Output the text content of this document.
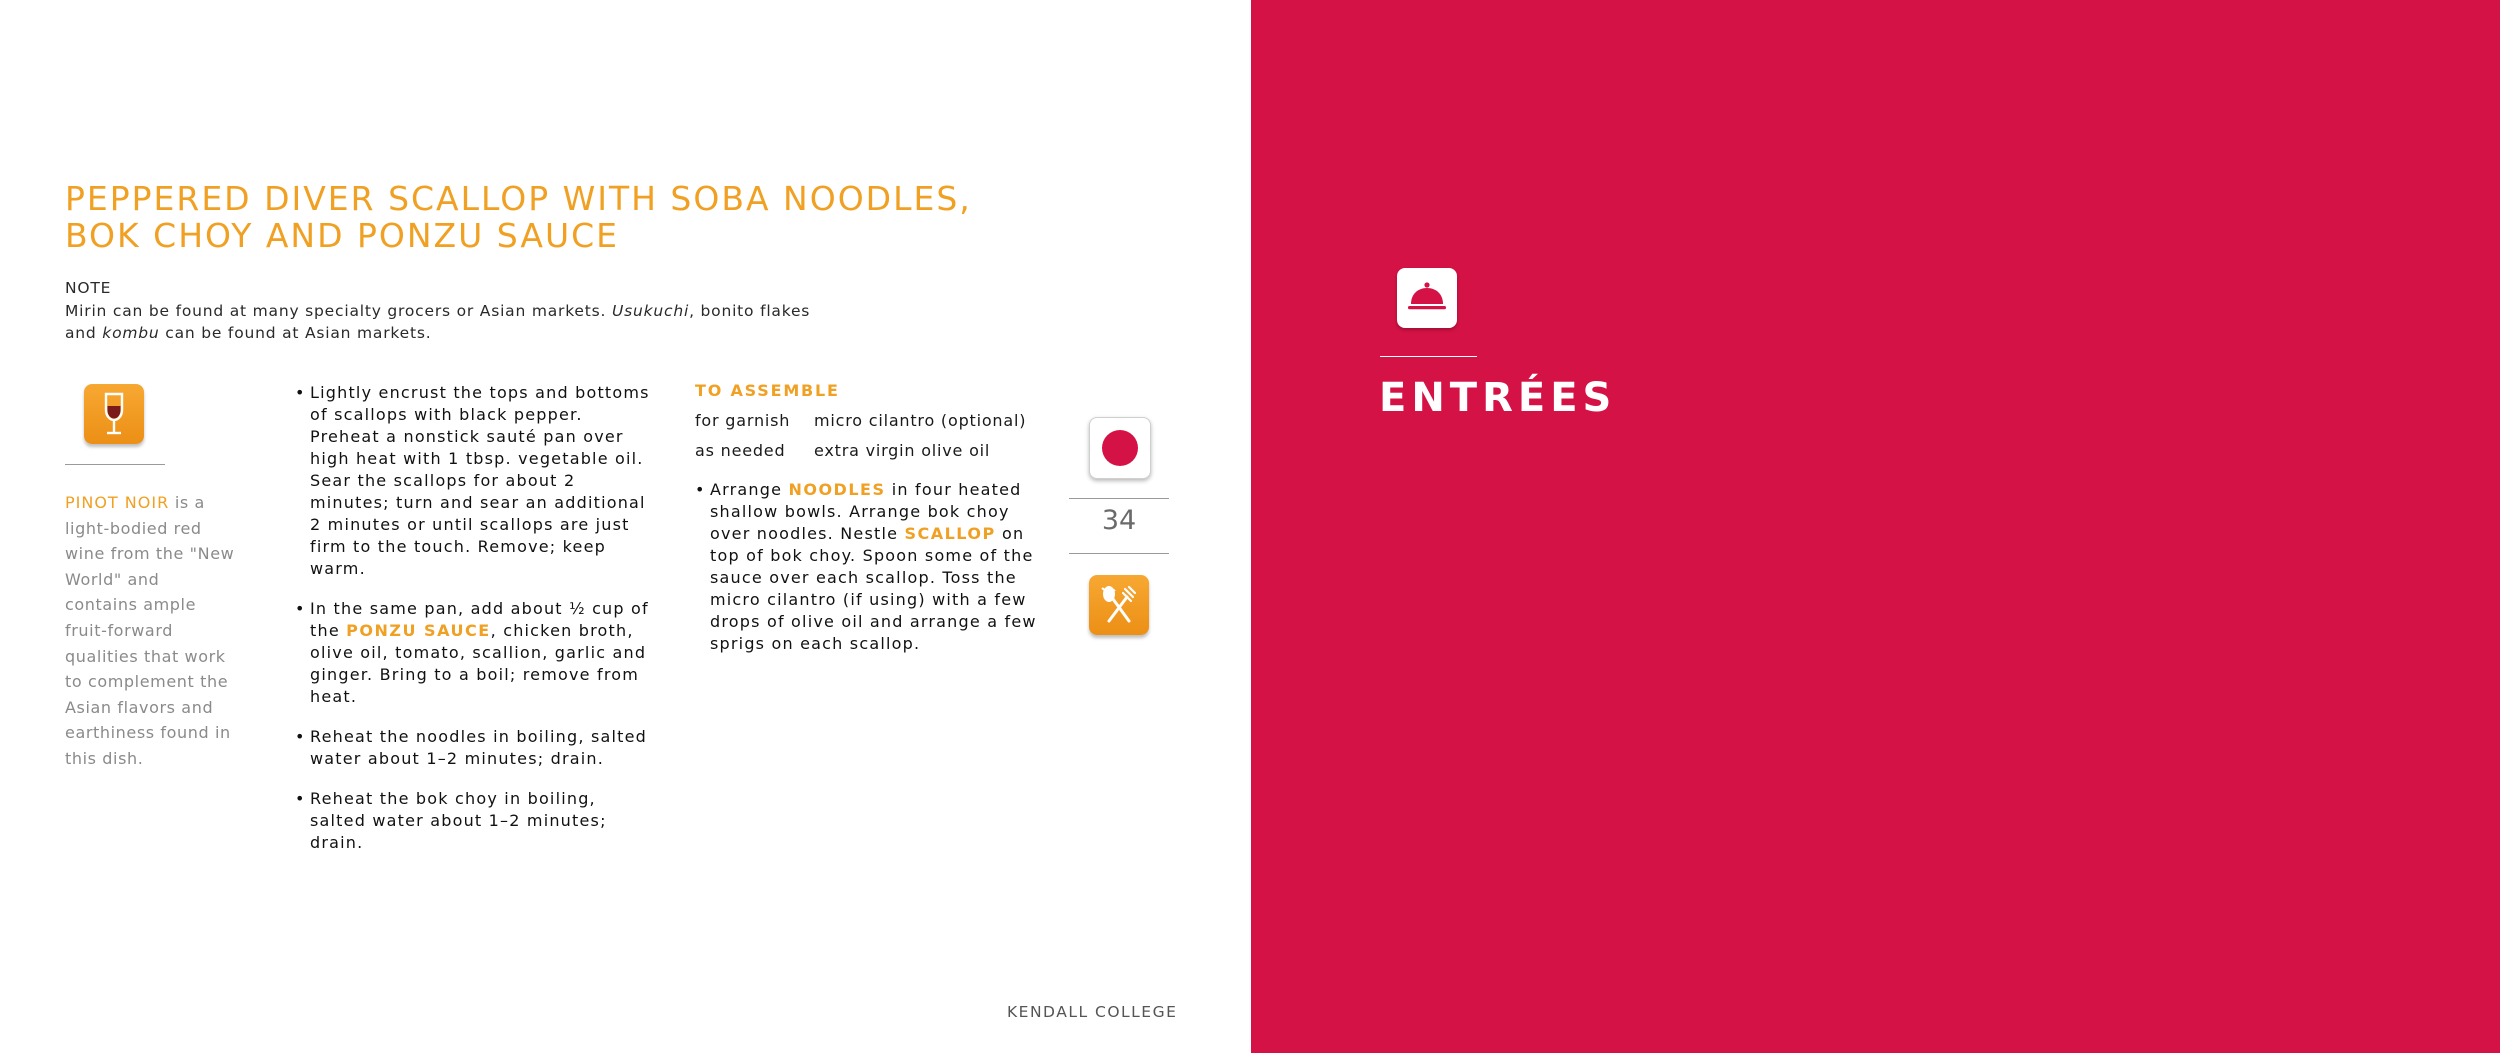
PEPPERED DIVER SCALLOP WITH SOBA NOODLES,
BOK CHOY AND PONZU SAUCE
NOTE
Mirin can be found at many specialty grocers or Asian markets. Usukuchi, bonito flakes
and kombu can be found at Asian markets.
PINOT NOIR is a light-bodied red wine from the "New World" and contains ample fruit-forward qualities that work to complement the Asian flavors and earthiness found in this dish.
• Lightly encrust the tops and bottoms of scallops with black pepper. Preheat a nonstick sauté pan over high heat with 1 tbsp. vegetable oil. Sear the scallops for about 2 minutes; turn and sear an additional 2 minutes or until scallops are just firm to the touch. Remove; keep warm.
• In the same pan, add about ½ cup of the PONZU SAUCE, chicken broth, olive oil, tomato, scallion, garlic and ginger. Bring to a boil; remove from heat.
• Reheat the noodles in boiling, salted water about 1–2 minutes; drain.
• Reheat the bok choy in boiling, salted water about 1–2 minutes; drain.
TO ASSEMBLE
for garnish	micro cilantro (optional)
as needed	extra virgin olive oil
• Arrange NOODLES in four heated shallow bowls. Arrange bok choy over noodles. Nestle SCALLOP on top of bok choy. Spoon some of the sauce over each scallop. Toss the micro cilantro (if using) with a few drops of olive oil and arrange a few sprigs on each scallop.
34
KENDALL COLLEGE
ENTRÉES
